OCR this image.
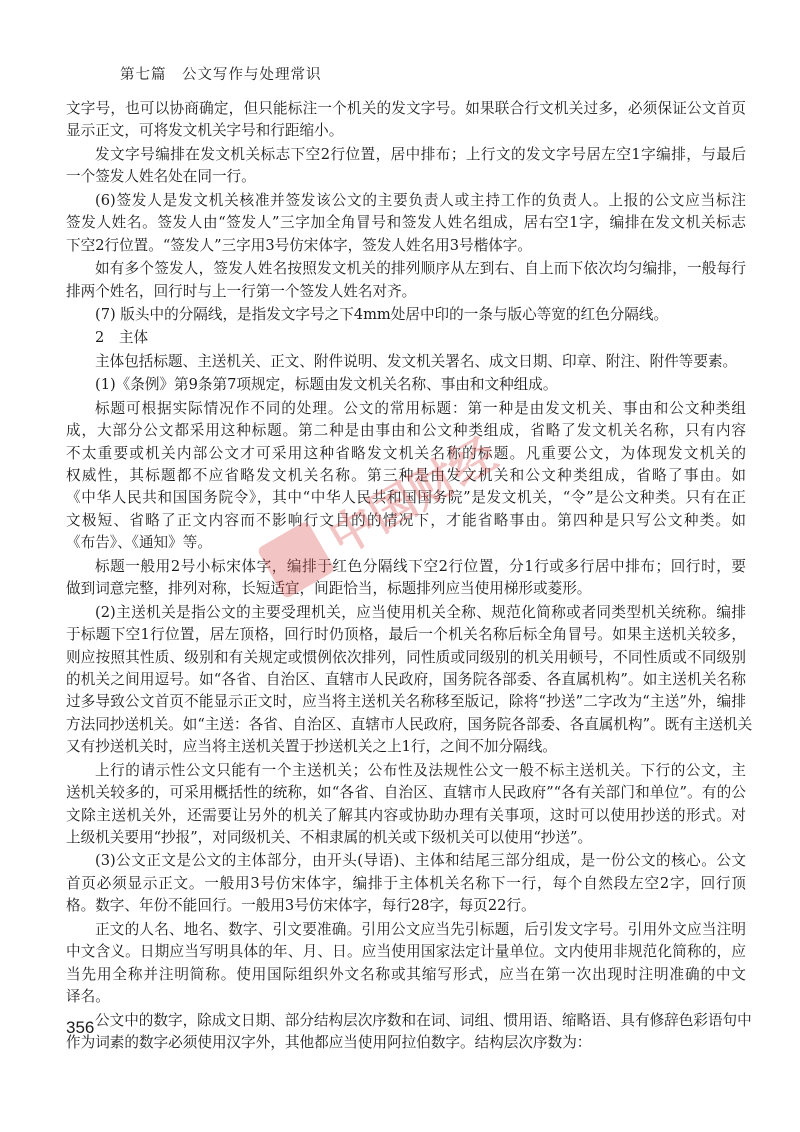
第七篇　公文写作与处理常识
文字号，也可以协商确定，但只能标注一个机关的发文字号。如果联合行文机关过多，必须保证公文首页
显示正文，可将发文机关字号和行距缩小。
发文字号编排在发文机关标志下空2行位置，居中排布；上行文的发文字号居左空1字编排，与最后
一个签发人姓名处在同一行。
(6)签发人是发文机关核准并签发该公文的主要负责人或主持工作的负责人。上报的公文应当标注
签发人姓名。签发人由“签发人”三字加全角冒号和签发人姓名组成，居右空1字，编排在发文机关标志
下空2行位置。“签发人”三字用3号仿宋体字，签发人姓名用3号楷体字。
如有多个签发人，签发人姓名按照发文机关的排列顺序从左到右、自上而下依次均匀编排，一般每行
排两个姓名，回行时与上一行第一个签发人姓名对齐。
(7) 版头中的分隔线，是指发文字号之下4mm处居中印的一条与版心等宽的红色分隔线。
2　主体
主体包括标题、主送机关、正文、附件说明、发文机关署名、成文日期、印章、附注、附件等要素。
(1)《条例》第9条第7项规定，标题由发文机关名称、事由和文种组成。
标题可根据实际情况作不同的处理。公文的常用标题：第一种是由发文机关、事由和公文种类组
成，大部分公文都采用这种标题。第二种是由事由和公文种类组成，省略了发文机关名称，只有内容
不太重要或机关内部公文才可采用这种省略发文机关名称的标题。凡重要公文，为体现发文机关的
权威性，其标题都不应省略发文机关名称。第三种是由发文机关和公文种类组成，省略了事由。如
《中华人民共和国国务院令》，其中“中华人民共和国国务院”是发文机关，“令”是公文种类。只有在正
文极短、省略了正文内容而不影响行文目的的情况下，才能省略事由。第四种是只写公文种类。如
《布告》、《通知》等。
标题一般用2号小标宋体字，编排于红色分隔线下空2行位置，分1行或多行居中排布；回行时，要
做到词意完整，排列对称，长短适宜，间距恰当，标题排列应当使用梯形或菱形。
(2)主送机关是指公文的主要受理机关，应当使用机关全称、规范化简称或者同类型机关统称。编排
于标题下空1行位置，居左顶格，回行时仍顶格，最后一个机关名称后标全角冒号。如果主送机关较多，
则应按照其性质、级别和有关规定或惯例依次排列，同性质或同级别的机关用顿号，不同性质或不同级别
的机关之间用逗号。如“各省、自治区、直辖市人民政府，国务院各部委、各直属机构”。如主送机关名称
过多导致公文首页不能显示正文时，应当将主送机关名称移至版记，除将“抄送”二字改为“主送”外，编排
方法同抄送机关。如“主送：各省、自治区、直辖市人民政府，国务院各部委、各直属机构”。既有主送机关
又有抄送机关时，应当将主送机关置于抄送机关之上1行，之间不加分隔线。
上行的请示性公文只能有一个主送机关；公布性及法规性公文一般不标主送机关。下行的公文，主
送机关较多的，可采用概括性的统称，如“各省、自治区、直辖市人民政府”“各有关部门和单位”。有的公
文除主送机关外，还需要让另外的机关了解其内容或协助办理有关事项，这时可以使用抄送的形式。对
上级机关要用“抄报”，对同级机关、不相隶属的机关或下级机关可以使用“抄送”。
(3)公文正文是公文的主体部分，由开头(导语)、主体和结尾三部分组成，是一份公文的核心。公文
首页必须显示正文。一般用3号仿宋体字，编排于主体机关名称下一行，每个自然段左空2字，回行顶
格。数字、年份不能回行。一般用3号仿宋体字，每行28字，每页22行。
正文的人名、地名、数字、引文要准确。引用公文应当先引标题，后引发文字号。引用外文应当注明
中文含义。日期应当写明具体的年、月、日。应当使用国家法定计量单位。文内使用非规范化简称的，应
当先用全称并注明简称。使用国际组织外文名称或其缩写形式，应当在第一次出现时注明准确的中文
译名。
公文中的数字，除成文日期、部分结构层次序数和在词、词组、惯用语、缩略语、具有修辞色彩语句中
作为词素的数字必须使用汉字外，其他都应当使用阿拉伯数字。结构层次序数为：
356
中国财经
